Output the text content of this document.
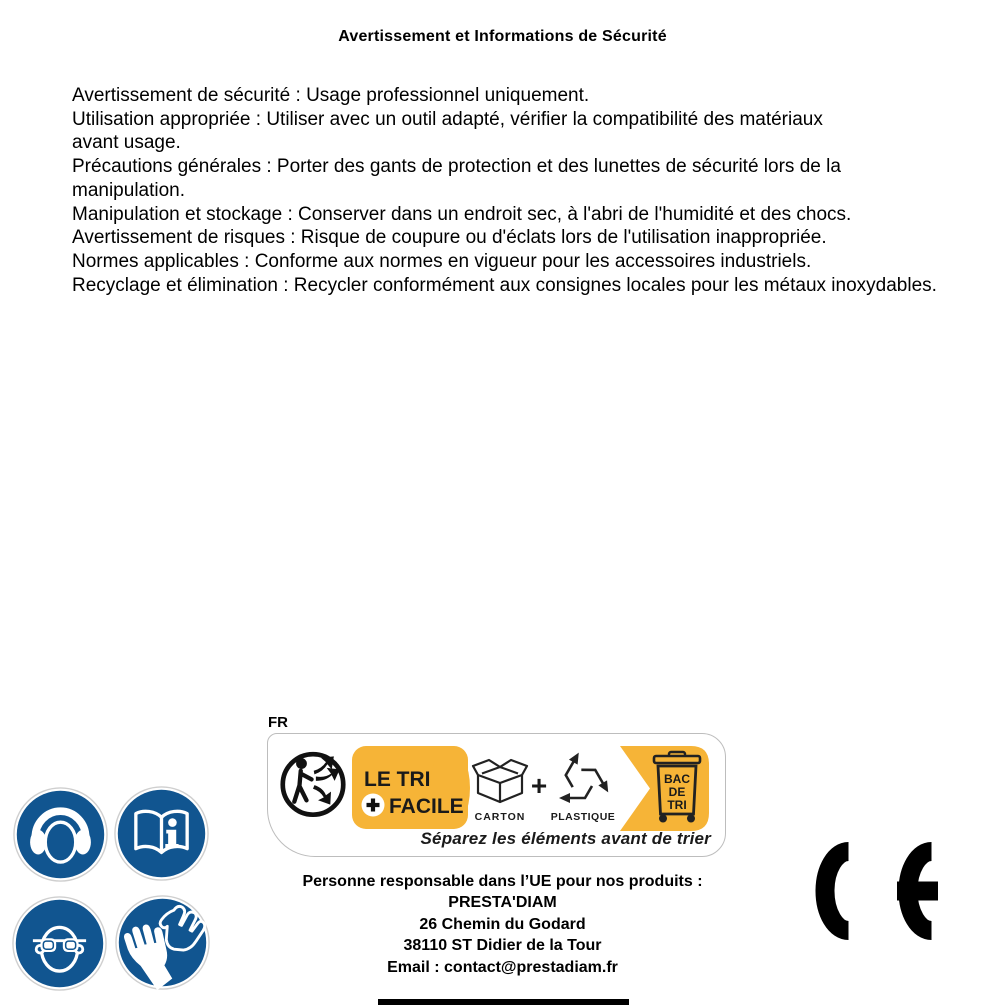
Avertissement et Informations de Sécurité
Avertissement de sécurité : Usage professionnel uniquement.
Utilisation appropriée : Utiliser avec un outil adapté, vérifier la compatibilité des matériaux
avant usage.
Précautions générales : Porter des gants de protection et des lunettes de sécurité lors de la
manipulation.
Manipulation et stockage : Conserver dans un endroit sec, à l'abri de l'humidité et des chocs.
Avertissement de risques : Risque de coupure ou d'éclats lors de l'utilisation inappropriée.
Normes applicables : Conforme aux normes en vigueur pour les accessoires industriels.
Recyclage et élimination : Recycler conformément aux consignes locales pour les métaux inoxydables.
FR
LE TRI
FACILE CARTON
+
PLASTIQUE
BAC
DE
TRI
Séparez les éléments avant de trier
Personne responsable dans l’UE pour nos produits :
PRESTA'DIAM
26 Chemin du Godard
38110 ST Didier de la Tour
Email : contact@prestadiam.fr
